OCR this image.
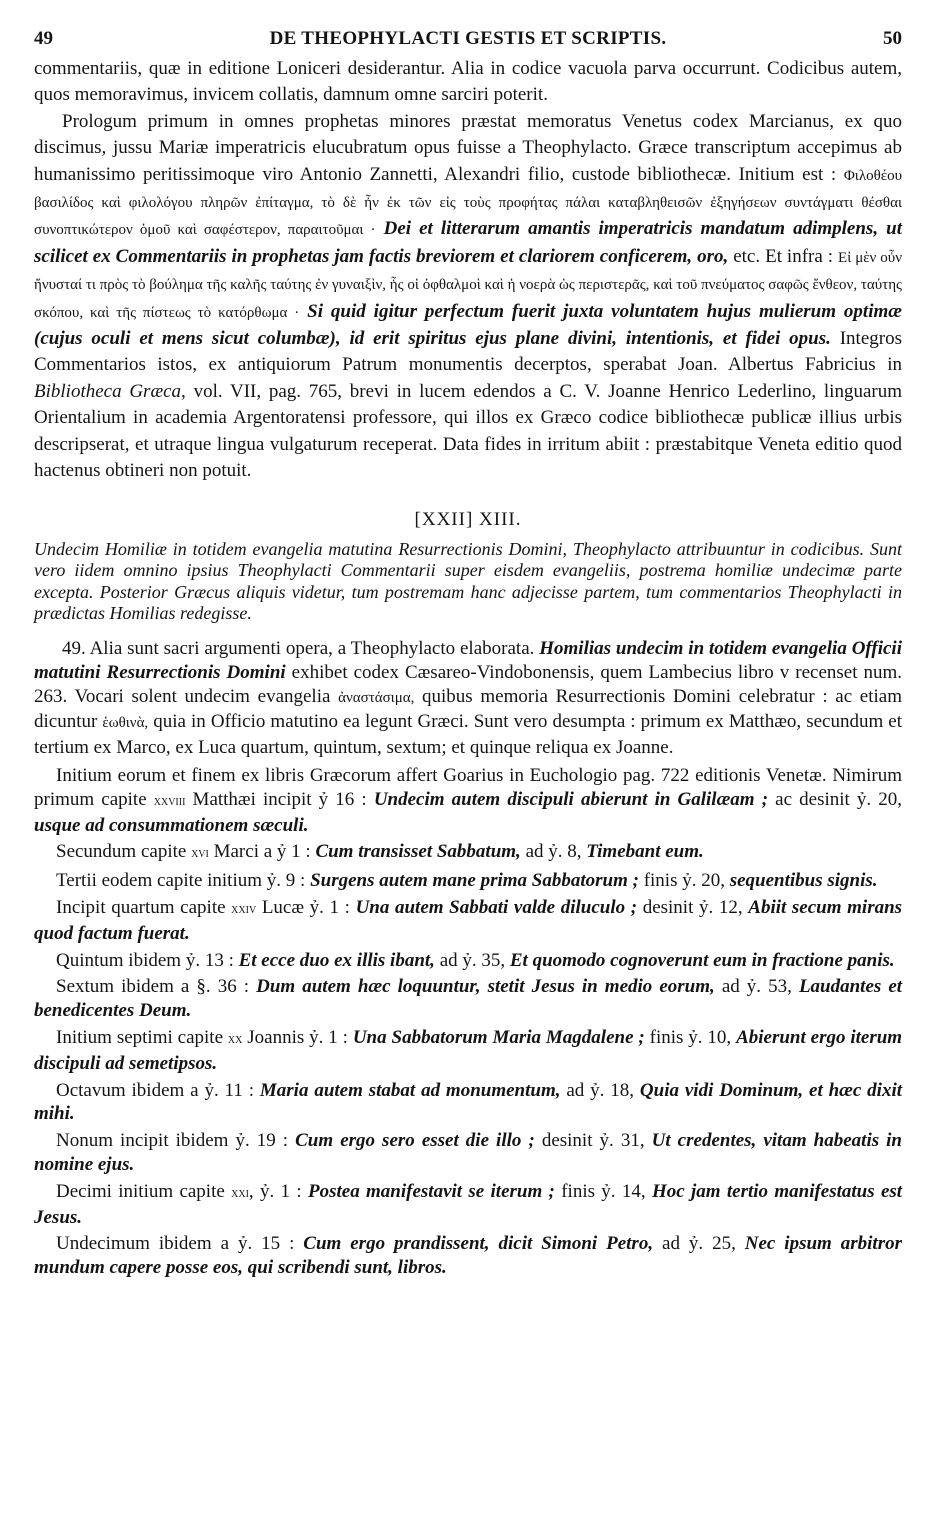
49	DE THEOPHYLACTI GESTIS ET SCRIPTIS.	50

commentariis, quæ in editione Loniceri desiderantur. Alia in codice vacuola parva occurrunt. Codicibus autem, quos memoravimus, invicem collatis, damnum omne sarciri poterit.

Prologum primum in omnes prophetas minores præstat memoratus Venetus codex Marcianus, ex quo discimus, jussu Mariæ imperatricis elucubratum opus fuisse a Theophylacto. Græce transcriptum accepimus ab humanissimo peritissimoque viro Antonio Zannetti, Alexandri filio, custode bibliothecæ. Initium est : Φιλοθέου βασιλίδος καὶ φιλολόγου πληρῶν ἐπίταγμα, τὸ δὲ ἦν ἐκ τῶν εἰς τοὺς προφήτας πάλαι καταβληθεισῶν ἐξηγήσεων συντάγματι θέσθαι συνοπτικώτερον ὁμοῦ καὶ σαφέστερον, παραιτοῦμαι · Dei et litterarum amantis imperatricis mandatum adimplens, ut scilicet ex Commentariis in prophetas jam factis breviorem et clariorem conficerem, oro, etc. Et infra : Εἰ μὲν οὖν ἤνυσταί τι πρὸς τὸ βούλημα τῆς καλῆς ταύτης ἐν γυναιξὶν, ἧς οἱ ὀφθαλμοὶ καὶ ἡ νοερὰ ὡς περιστερᾶς, καὶ τοῦ πνεύματος σαφῶς ἔνθεον, ταύτης σκόπου, καὶ τῆς πίστεως τὸ κατόρθωμα · Si quid igitur perfectum fuerit juxta voluntatem hujus mulierum optimæ (cujus oculi et mens sicut columbæ), id erit spiritus ejus plane divini, intentionis, et fidei opus. Integros Commentarios istos, ex antiquiorum Patrum monumentis decerptos, sperabat Joan. Albertus Fabricius in Bibliotheca Græca, vol. VII, pag. 765, brevi in lucem edendos a C. V. Joanne Henrico Lederlino, linguarum Orientalium in academia Argentoratensi professore, qui illos ex Græco codice bibliothecæ publicæ illius urbis descripserat, et utraque lingua vulgaturum receperat. Data fides in irritum abiit : præstabitque Veneta editio quod hactenus obtineri non potuit.

[XXII] XIII.

Undecim Homiliæ in totidem evangelia matutina Resurrectionis Domini, Theophylacto attribuuntur in codicibus. Sunt vero iidem omnino ipsius Theophylacti Commentarii super eisdem evangeliis, postrema homiliæ undecimæ parte excepta. Posterior Græcus aliquis videtur, tum postremam hanc adjecisse partem, tum commentarios Theophylacti in prædictas Homilias redegisse.

49. Alia sunt sacri argumenti opera, a Theophylacto elaborata. Homilias undecim in totidem evangelia Officii matutini Resurrectionis Domini exhibet codex Cæsareo-Vindobonensis, quem Lambecius libro v recenset num. 263. Vocari solent undecim evangelia ἀναστάσιμα, quibus memoria Resurrectionis Domini celebratur : ac etiam dicuntur ἑωθινὰ, quia in Officio matutino ea legunt Græci. Sunt vero desumpta : primum ex Matthæo, secundum et tertium ex Marco, ex Luca quartum, quintum, sextum; et quinque reliqua ex Joanne.

Initium eorum et finem ex libris Græcorum affert Goarius in Euchologio pag. 722 editionis Venetæ. Nimirum primum capite xxviii Matthæi incipit ỷ 16 : Undecim autem discipuli abierunt in Galilæam ; ac desinit ỷ. 20, usque ad consummationem sæculi.

Secundum capite xvi Marci a ỷ 1 : Cum transisset Sabbatum, ad ỷ. 8, Timebant eum.

Tertii eodem capite initium ỷ. 9 : Surgens autem mane prima Sabbatorum ; finis ỷ. 20, sequentibus signis.

Incipit quartum capite xxiv Lucæ ỷ. 1 : Una autem Sabbati valde diluculo ; desinit ỷ. 12, Abiit secum mirans quod factum fuerat.

Quintum ibidem ỷ. 13 : Et ecce duo ex illis ibant, ad ỷ. 35, Et quomodo cognoverunt eum in fractione panis.

Sextum ibidem a §. 36 : Dum autem hæc loquuntur, stetit Jesus in medio eorum, ad ỷ. 53, Laudantes et benedicentes Deum.

Initium septimi capite xx Joannis ỷ. 1 : Una Sabbatorum Maria Magdalene ; finis ỷ. 10, Abierunt ergo iterum discipuli ad semetipsos.

Octavum ibidem a ỷ. 11 : Maria autem stabat ad monumentum, ad ỷ. 18, Quia vidi Dominum, et hæc dixit mihi.

Nonum incipit ibidem ỷ. 19 : Cum ergo sero esset die illo ; desinit ỷ. 31, Ut credentes, vitam habeatis in nomine ejus.

Decimi initium capite xxi, ỷ. 1 : Postea manifestavit se iterum ; finis ỷ. 14, Hoc jam tertio manifestatus est Jesus.

Undecimum ibidem a ỷ. 15 : Cum ergo prandissent, dicit Simoni Petro, ad ỷ. 25, Nec ipsum arbitror mundum capere posse eos, qui scribendi sunt, libros.
